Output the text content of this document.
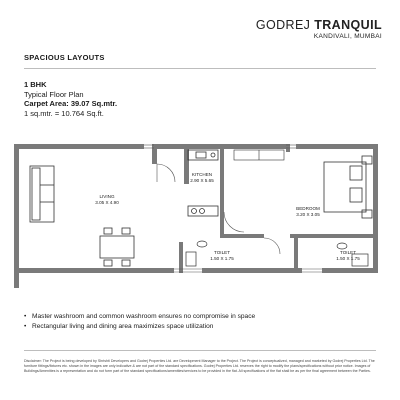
GODREJ TRANQUIL
KANDIVALI, MUMBAI
SPACIOUS LAYOUTS
1 BHK
Typical Floor Plan
Carpet Area: 39.07 Sq.mtr.
1 sq.mtr. = 10.764 Sq.ft.
LIVING
3.05 X 4.90
KITCHEN
2.90 X 5.65
BEDROOM
3.20 X 3.05
TOILET
1.50 X 1.75
TOILET
1.50 X 1.75
• Master washroom and common washroom ensures no compromise in space
• Rectangular living and dining area maximizes space utilization
Disclaimer: The Project is being developed by Shrishti Developers and Godrej Properties Ltd. are Development Manager to the Project. The Project is conceptualized, managed and marketed by Godrej Properties Ltd. The furniture fittings/fixtures etc. shown in the images are only indicative & are not part of the standard specifications. Godrej Properties Ltd. reserves the right to modify the plans/specifications without prior notice. Images of Buildings/Amenities is a representation and do not form part of the standard specifications/amenities/services to be provided in the flat. All specifications of the flat shall be as per the final agreement between the Parties.
